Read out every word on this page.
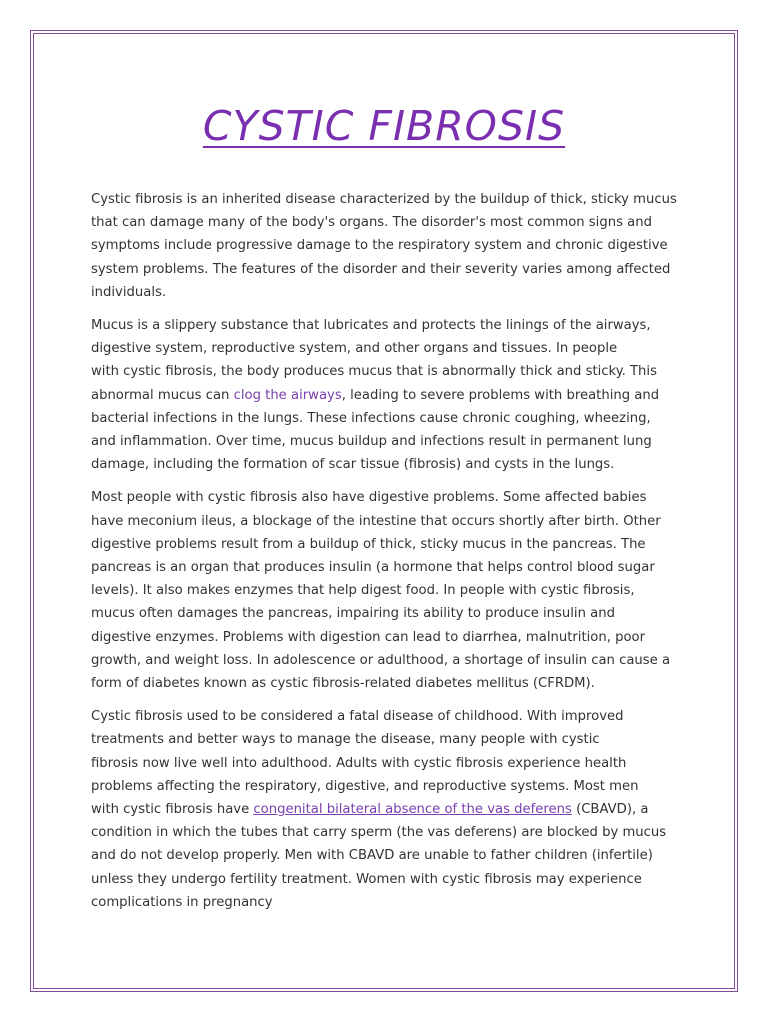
CYSTIC FIBROSIS

Cystic fibrosis is an inherited disease characterized by the buildup of thick, sticky mucus
that can damage many of the body's organs. The disorder's most common signs and
symptoms include progressive damage to the respiratory system and chronic digestive
system problems. The features of the disorder and their severity varies among affected
individuals.

Mucus is a slippery substance that lubricates and protects the linings of the airways,
digestive system, reproductive system, and other organs and tissues. In people
with cystic fibrosis, the body produces mucus that is abnormally thick and sticky. This
abnormal mucus can clog the airways, leading to severe problems with breathing and
bacterial infections in the lungs. These infections cause chronic coughing, wheezing,
and inflammation. Over time, mucus buildup and infections result in permanent lung
damage, including the formation of scar tissue (fibrosis) and cysts in the lungs.

Most people with cystic fibrosis also have digestive problems. Some affected babies
have meconium ileus, a blockage of the intestine that occurs shortly after birth. Other
digestive problems result from a buildup of thick, sticky mucus in the pancreas. The
pancreas is an organ that produces insulin (a hormone that helps control blood sugar
levels). It also makes enzymes that help digest food. In people with cystic fibrosis,
mucus often damages the pancreas, impairing its ability to produce insulin and
digestive enzymes. Problems with digestion can lead to diarrhea, malnutrition, poor
growth, and weight loss. In adolescence or adulthood, a shortage of insulin can cause a
form of diabetes known as cystic fibrosis-related diabetes mellitus (CFRDM).

Cystic fibrosis used to be considered a fatal disease of childhood. With improved
treatments and better ways to manage the disease, many people with cystic
fibrosis now live well into adulthood. Adults with cystic fibrosis experience health
problems affecting the respiratory, digestive, and reproductive systems. Most men
with cystic fibrosis have congenital bilateral absence of the vas deferens (CBAVD), a
condition in which the tubes that carry sperm (the vas deferens) are blocked by mucus
and do not develop properly. Men with CBAVD are unable to father children (infertile)
unless they undergo fertility treatment. Women with cystic fibrosis may experience
complications in pregnancy
